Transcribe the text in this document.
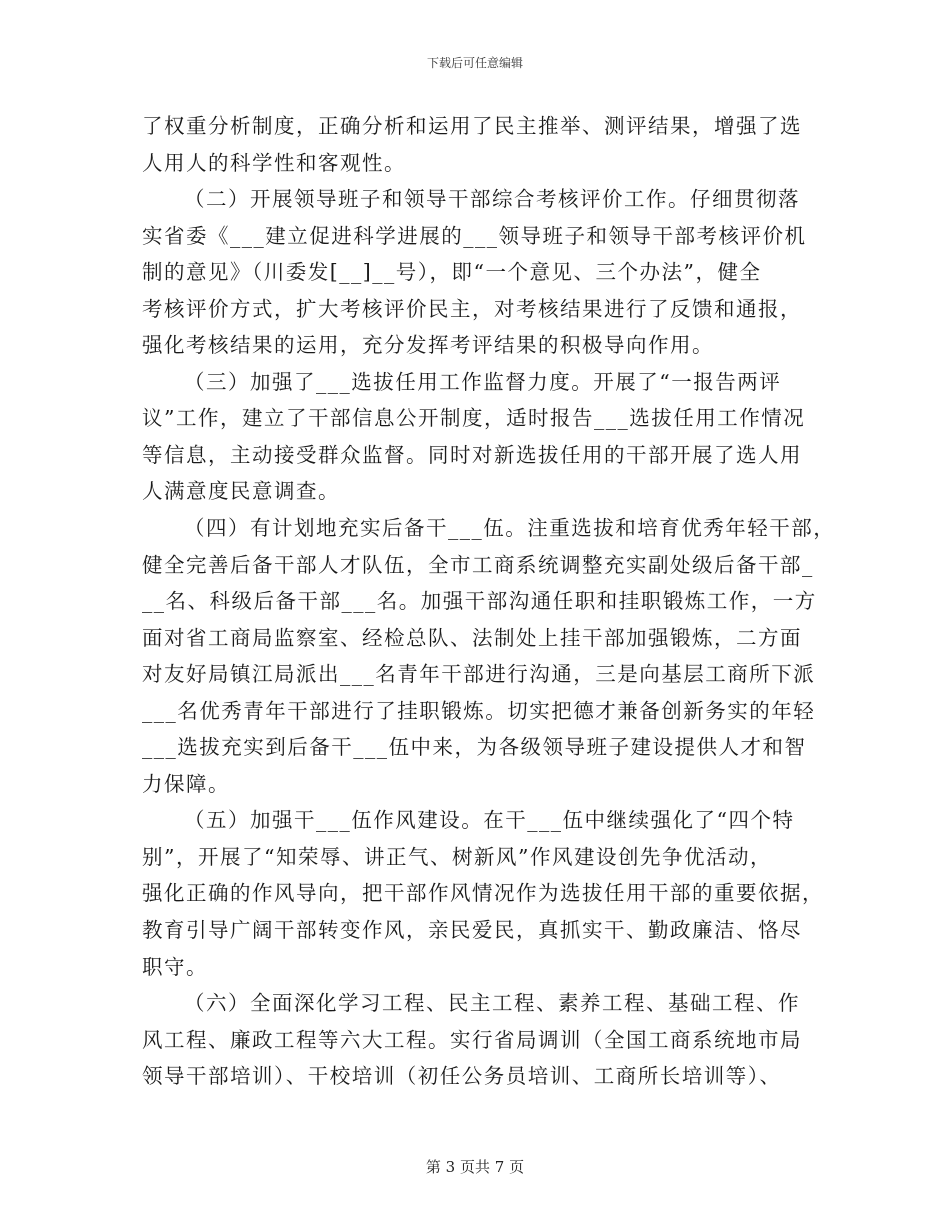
下载后可任意编辑
了权重分析制度，正确分析和运用了民主推举、测评结果，增强了选
人用人的科学性和客观性。
（二）开展领导班子和领导干部综合考核评价工作。仔细贯彻落
实省委《___建立促进科学进展的___领导班子和领导干部考核评价机
制的意见》（川委发[__]__号），即“一个意见、三个办法”，健全
考核评价方式，扩大考核评价民主，对考核结果进行了反馈和通报，
强化考核结果的运用，充分发挥考评结果的积极导向作用。
（三）加强了___选拔任用工作监督力度。开展了“一报告两评
议”工作，建立了干部信息公开制度，适时报告___选拔任用工作情况
等信息，主动接受群众监督。同时对新选拔任用的干部开展了选人用
人满意度民意调查。
（四）有计划地充实后备干___伍。注重选拔和培育优秀年轻干部，
健全完善后备干部人才队伍，全市工商系统调整充实副处级后备干部_
__名、科级后备干部___名。加强干部沟通任职和挂职锻炼工作，一方
面对省工商局监察室、经检总队、法制处上挂干部加强锻炼，二方面
对友好局镇江局派出___名青年干部进行沟通，三是向基层工商所下派
___名优秀青年干部进行了挂职锻炼。切实把德才兼备创新务实的年轻
___选拔充实到后备干___伍中来，为各级领导班子建设提供人才和智
力保障。
（五）加强干___伍作风建设。在干___伍中继续强化了“四个特
别”，开展了“知荣辱、讲正气、树新风”作风建设创先争优活动，
强化正确的作风导向，把干部作风情况作为选拔任用干部的重要依据，
教育引导广阔干部转变作风，亲民爱民，真抓实干、勤政廉洁、恪尽
职守。
（六）全面深化学习工程、民主工程、素养工程、基础工程、作
风工程、廉政工程等六大工程。实行省局调训（全国工商系统地市局
领导干部培训）、干校培训（初任公务员培训、工商所长培训等）、
第 3 页共 7 页
